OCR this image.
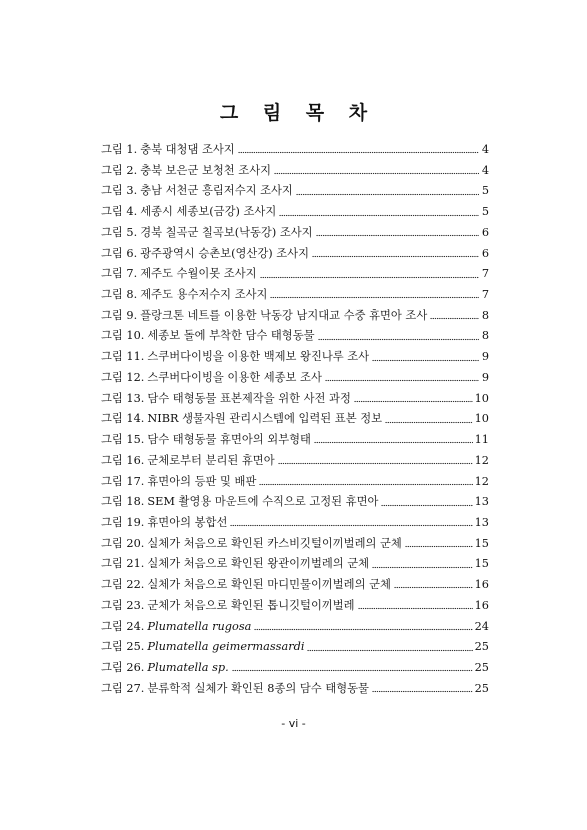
그 림 목 차
그림 1. 충북 대청댐 조사지	4
그림 2. 충북 보은군 보청천 조사지	4
그림 3. 충남 서천군 흥림저수지 조사지	5
그림 4. 세종시 세종보(금강) 조사지	5
그림 5. 경북 칠곡군 칠곡보(낙동강) 조사지	6
그림 6. 광주광역시 승촌보(영산강) 조사지	6
그림 7. 제주도 수월이못 조사지	7
그림 8. 제주도 용수저수지 조사지	7
그림 9. 플랑크톤 네트를 이용한 낙동강 남지대교 수중 휴면아 조사	8
그림 10. 세종보 돌에 부착한 담수 태형동물	8
그림 11. 스쿠버다이빙을 이용한 백제보 왕진나루 조사	9
그림 12. 스쿠버다이빙을 이용한 세종보 조사	9
그림 13. 담수 태형동물 표본제작을 위한 사전 과정	10
그림 14. NIBR 생물자원 관리시스템에 입력된 표본 정보	10
그림 15. 담수 태형동물 휴면아의 외부형태	11
그림 16. 군체로부터 분리된 휴면아	12
그림 17. 휴면아의 등판 및 배판	12
그림 18. SEM 촬영용 마운트에 수직으로 고정된 휴면아	13
그림 19. 휴면아의 봉합선	13
그림 20. 실체가 처음으로 확인된 카스비깃털이끼벌레의 군체	15
그림 21. 실체가 처음으로 확인된 왕관이끼벌레의 군체	15
그림 22. 실체가 처음으로 확인된 마디민물이끼벌레의 군체	16
그림 23. 군체가 처음으로 확인된 톱니깃털이끼벌레	16
그림 24. Plumatella rugosa	24
그림 25. Plumatella geimermassardi	25
그림 26. Plumatella sp.	25
그림 27. 분류학적 실체가 확인된 8종의 담수 태형동물	25
- vi -
